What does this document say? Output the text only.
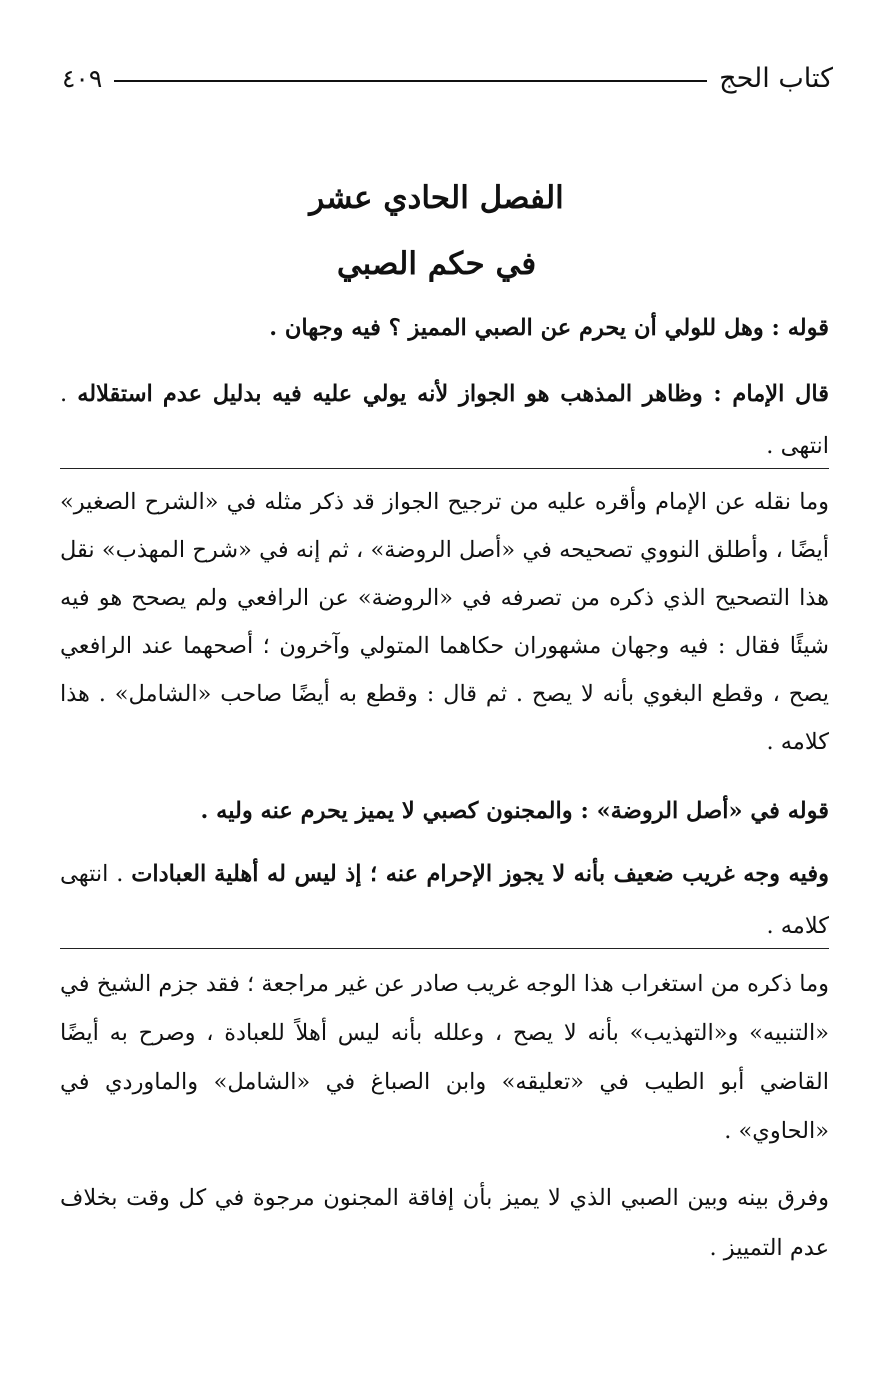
كتاب الحج
٤٠٩
الفصل الحادي عشر
في حكم الصبي

قوله : وهل للولي أن يحرم عن الصبي المميز ؟ فيه وجهان .

قال الإمام : وظاهر المذهب هو الجواز لأنه يولي عليه فيه بدليل عدم استقلاله . انتهى .

وما نقله عن الإمام وأقره عليه من ترجيح الجواز قد ذكر مثله في «الشرح الصغير» أيضًا ، وأطلق النووي تصحيحه في «أصل الروضة» ، ثم إنه في «شرح المهذب» نقل هذا التصحيح الذي ذكره من تصرفه في «الروضة» عن الرافعي ولم يصحح هو فيه شيئًا فقال : فيه وجهان مشهوران حكاهما المتولي وآخرون ؛ أصحهما عند الرافعي يصح ، وقطع البغوي بأنه لا يصح . ثم قال : وقطع به أيضًا صاحب «الشامل» . هذا كلامه .

قوله في «أصل الروضة» : والمجنون كصبي لا يميز يحرم عنه وليه .

وفيه وجه غريب ضعيف بأنه لا يجوز الإحرام عنه ؛ إذ ليس له أهلية العبادات . انتهى كلامه .

وما ذكره من استغراب هذا الوجه غريب صادر عن غير مراجعة ؛ فقد جزم الشيخ في «التنبيه» و«التهذيب» بأنه لا يصح ، وعلله بأنه ليس أهلاً للعبادة ، وصرح به أيضًا القاضي أبو الطيب في «تعليقه» وابن الصباغ في «الشامل» والماوردي في «الحاوي» .

وفرق بينه وبين الصبي الذي لا يميز بأن إفاقة المجنون مرجوة في كل وقت بخلاف عدم التمييز .
